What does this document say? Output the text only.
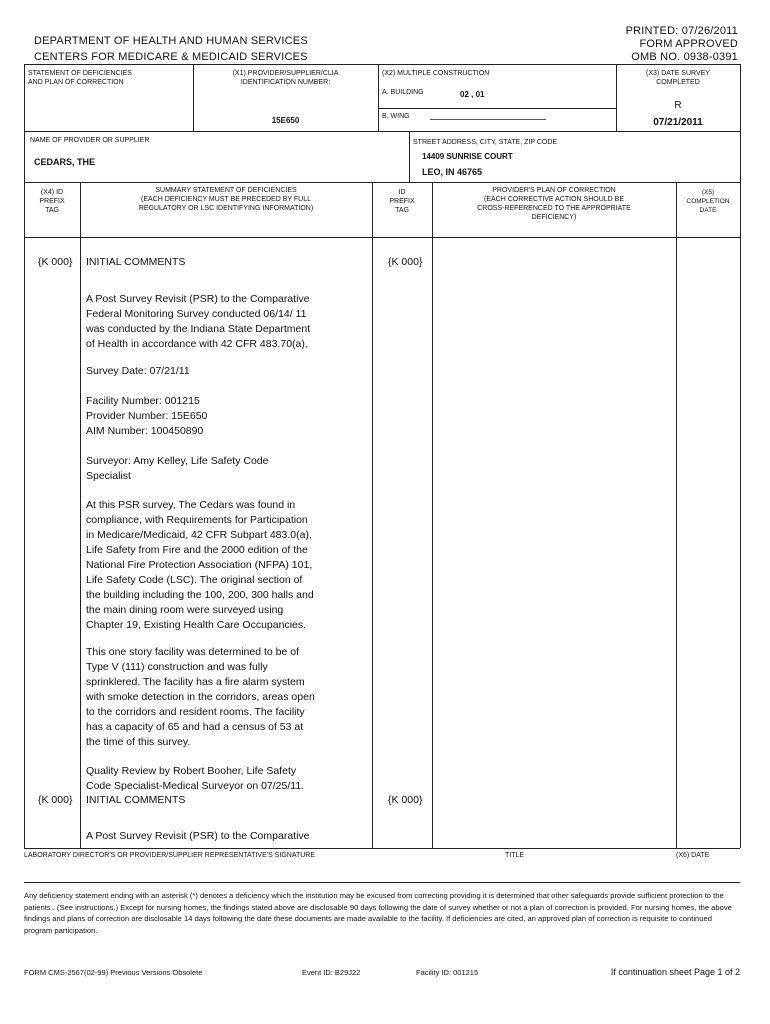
DEPARTMENT OF HEALTH AND HUMAN SERVICES
CENTERS FOR MEDICARE & MEDICAID SERVICES
PRINTED: 07/26/2011
FORM APPROVED
OMB NO. 0938-0391
STATEMENT OF DEFICIENCIES
AND PLAN OF CORRECTION
(X1) PROVIDER/SUPPLIER/CLIA
IDENTIFICATION NUMBER:
15E650
(X2) MULTIPLE CONSTRUCTION
A. BUILDING	02 , 01
B. WING
(X3) DATE SURVEY
COMPLETED
R
07/21/2011
NAME OF PROVIDER OR SUPPLIER
CEDARS, THE
STREET ADDRESS, CITY, STATE, ZIP CODE
14409 SUNRISE COURT
LEO, IN 46765
(X4) ID
PREFIX
TAG
SUMMARY STATEMENT OF DEFICIENCIES
(EACH DEFICIENCY MUST BE PRECEDED BY FULL
REGULATORY OR LSC IDENTIFYING INFORMATION)
ID
PREFIX
TAG
PROVIDER'S PLAN OF CORRECTION
(EACH CORRECTIVE ACTION SHOULD BE
CROSS-REFERENCED TO THE APPROPRIATE
DEFICIENCY)
(X5)
COMPLETION
DATE
{K 000} INITIAL COMMENTS	{K 000}
A Post Survey Revisit (PSR) to the Comparative
Federal Monitoring Survey conducted 06/14/ 11
was conducted by the Indiana State Department
of Health in accordance with 42 CFR 483.70(a).
Survey Date: 07/21/11
Facility Number: 001215
Provider Number: 15E650
AIM Number: 100450890
Surveyor: Amy Kelley, Life Safety Code
Specialist
At this PSR survey, The Cedars was found in
compliance, with Requirements for Participation
in Medicare/Medicaid, 42 CFR Subpart 483.0(a),
Life Safety from Fire and the 2000 edition of the
National Fire Protection Association (NFPA) 101,
Life Safety Code (LSC). The original section of
the building including the 100, 200, 300 halls and
the main dining room were surveyed using
Chapter 19, Existing Health Care Occupancies.
This one story facility was determined to be of
Type V (111) construction and was fully
sprinklered. The facility has a fire alarm system
with smoke detection in the corridors, areas open
to the corridors and resident rooms. The facility
has a capacity of 65 and had a census of 53 at
the time of this survey.
Quality Review by Robert Booher, Life Safety
Code Specialist-Medical Surveyor on 07/25/11.
{K 000} INITIAL COMMENTS	{K 000}
A Post Survey Revisit (PSR) to the Comparative
LABORATORY DIRECTOR'S OR PROVIDER/SUPPLIER REPRESENTATIVE'S SIGNATURE	TITLE	(X6) DATE
Any deficiency statement ending with an asterisk (*) denotes a deficiency which the institution may be excused from correcting providing it is determined that other safeguards provide sufficient protection to the patients . (See instructions.) Except for nursing homes, the findings stated above are disclosable 90 days following the date of survey whether or not a plan of correction is provided. For nursing homes, the above findings and plans of correction are disclosable 14 days following the date these documents are made available to the facility. If deficiencies are cited, an approved plan of correction is requisite to continued program participation.
FORM CMS-2567(02-99) Previous Versions Obsolete	Event ID: B29J22	Facility ID: 001215	If continuation sheet Page 1 of 2
